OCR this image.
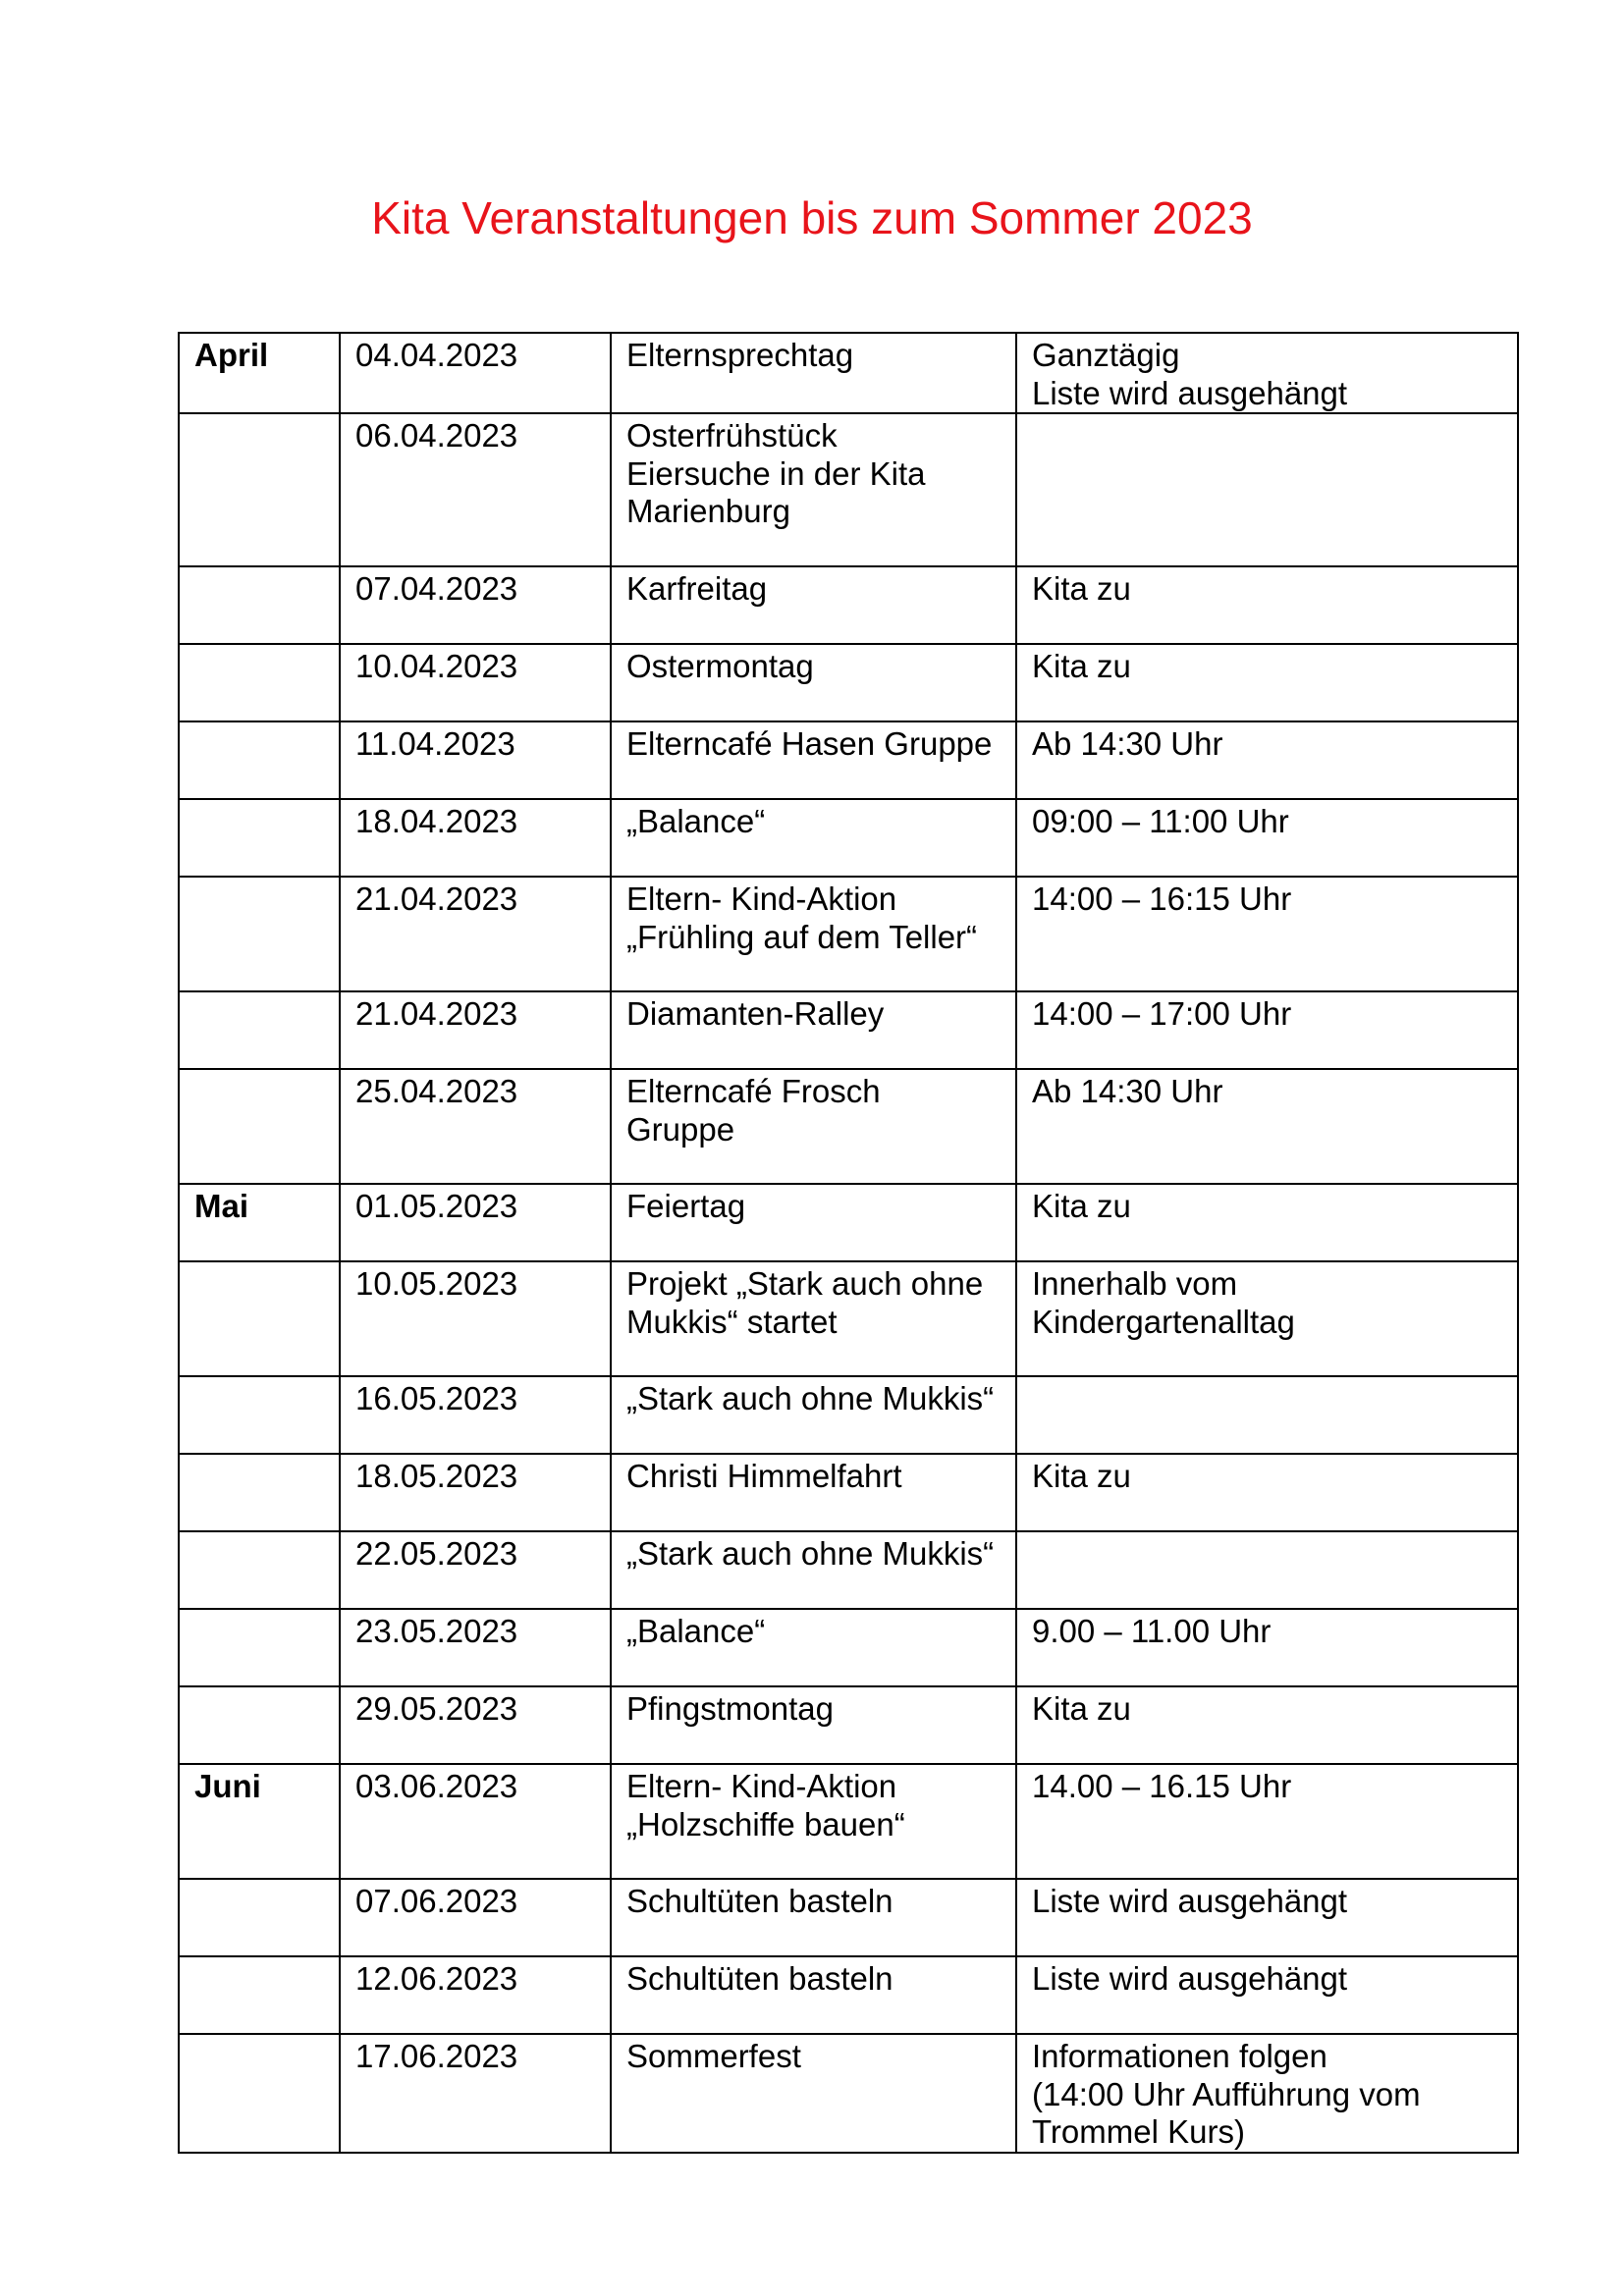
Kita Veranstaltungen bis zum Sommer 2023
April	04.04.2023	Elternsprechtag	Ganztägig
Liste wird ausgehängt

	06.04.2023	Osterfrühstück
Eiersuche in der Kita
Marienburg	

	07.04.2023	Karfreitag	Kita zu

	10.04.2023	Ostermontag	Kita zu

	11.04.2023	Elterncafé Hasen Gruppe	Ab 14:30 Uhr

	18.04.2023	„Balance“	09:00 – 11:00 Uhr

	21.04.2023	Eltern- Kind-Aktion
„Frühling auf dem Teller“	14:00 – 16:15 Uhr

	21.04.2023	Diamanten-Ralley	14:00 – 17:00 Uhr

	25.04.2023	Elterncafé Frosch
Gruppe	Ab 14:30 Uhr

Mai	01.05.2023	Feiertag	Kita zu

	10.05.2023	Projekt „Stark auch ohne
Mukkis“ startet	Innerhalb vom
Kindergartenalltag

	16.05.2023	„Stark auch ohne Mukkis“	

	18.05.2023	Christi Himmelfahrt	Kita zu

	22.05.2023	„Stark auch ohne Mukkis“	

	23.05.2023	„Balance“	9.00 – 11.00 Uhr

	29.05.2023	Pfingstmontag	Kita zu

Juni	03.06.2023	Eltern- Kind-Aktion
„Holzschiffe bauen“	14.00 – 16.15 Uhr

	07.06.2023	Schultüten basteln	Liste wird ausgehängt

	12.06.2023	Schultüten basteln	Liste wird ausgehängt

	17.06.2023	Sommerfest	Informationen folgen
(14:00 Uhr Aufführung vom
Trommel Kurs)
